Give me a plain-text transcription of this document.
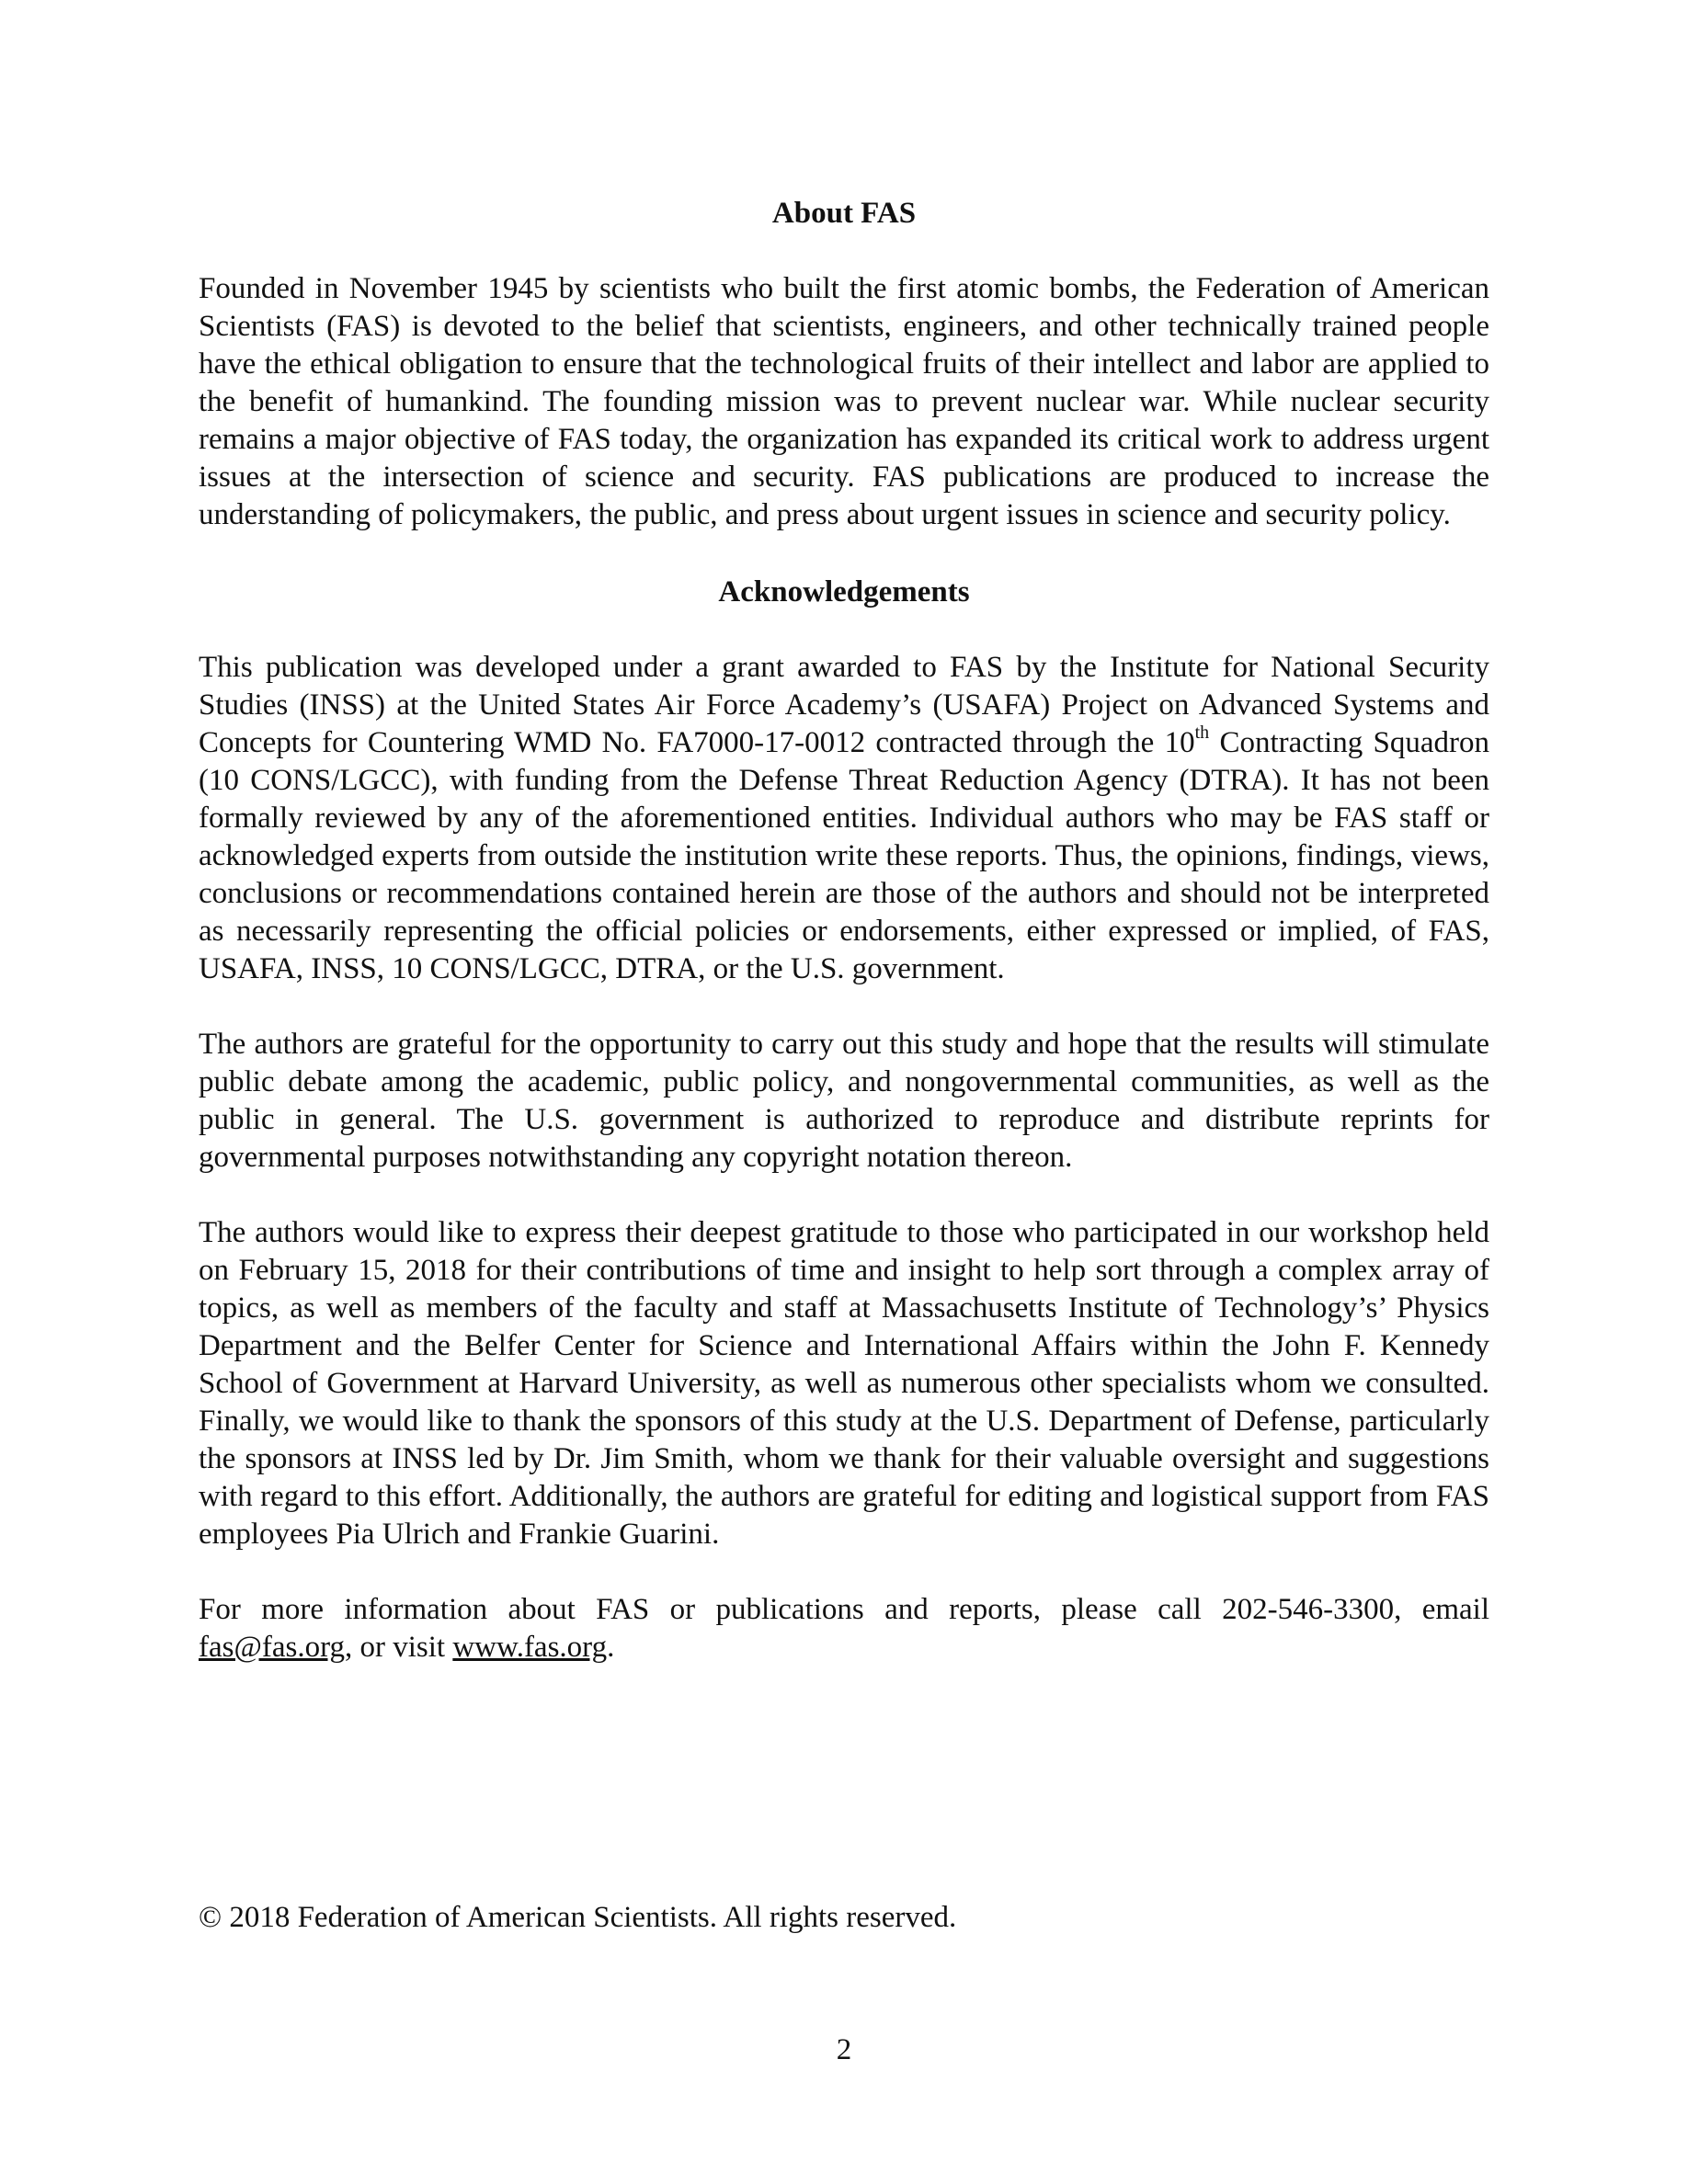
About FAS

Founded in November 1945 by scientists who built the first atomic bombs, the Federation of American Scientists (FAS) is devoted to the belief that scientists, engineers, and other technically trained people have the ethical obligation to ensure that the technological fruits of their intellect and labor are applied to the benefit of humankind. The founding mission was to prevent nuclear war. While nuclear security remains a major objective of FAS today, the organization has expanded its critical work to address urgent issues at the intersection of science and security. FAS publications are produced to increase the understanding of policymakers, the public, and press about urgent issues in science and security policy.

Acknowledgements

This publication was developed under a grant awarded to FAS by the Institute for National Security Studies (INSS) at the United States Air Force Academy’s (USAFA) Project on Advanced Systems and Concepts for Countering WMD No. FA7000-17-0012 contracted through the 10th Contracting Squadron (10 CONS/LGCC), with funding from the Defense Threat Reduction Agency (DTRA). It has not been formally reviewed by any of the aforementioned entities. Individual authors who may be FAS staff or acknowledged experts from outside the institution write these reports. Thus, the opinions, findings, views, conclusions or recommendations contained herein are those of the authors and should not be interpreted as necessarily representing the official policies or endorsements, either expressed or implied, of FAS, USAFA, INSS, 10 CONS/LGCC, DTRA, or the U.S. government.

The authors are grateful for the opportunity to carry out this study and hope that the results will stimulate public debate among the academic, public policy, and nongovernmental communities, as well as the public in general. The U.S. government is authorized to reproduce and distribute reprints for governmental purposes notwithstanding any copyright notation thereon.

The authors would like to express their deepest gratitude to those who participated in our workshop held on February 15, 2018 for their contributions of time and insight to help sort through a complex array of topics, as well as members of the faculty and staff at Massachusetts Institute of Technology’s’ Physics Department and the Belfer Center for Science and International Affairs within the John F. Kennedy School of Government at Harvard University, as well as numerous other specialists whom we consulted. Finally, we would like to thank the sponsors of this study at the U.S. Department of Defense, particularly the sponsors at INSS led by Dr. Jim Smith, whom we thank for their valuable oversight and suggestions with regard to this effort. Additionally, the authors are grateful for editing and logistical support from FAS employees Pia Ulrich and Frankie Guarini.

For more information about FAS or publications and reports, please call 202-546-3300, email fas@fas.org, or visit www.fas.org.

© 2018 Federation of American Scientists. All rights reserved.

2
